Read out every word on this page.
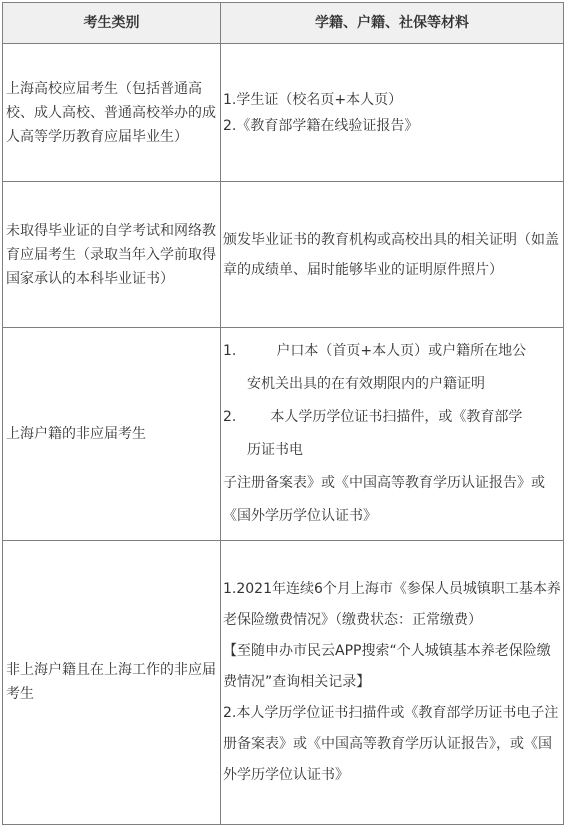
考生类别	学籍、户籍、社保等材料
上海高校应届考生（包括普通高校、成人高校、普通高校举办的成人高等学历教育应届毕业生）	1.学生证（校名页+本人页）
2.《教育部学籍在线验证报告》

未取得毕业证的自学考试和网络教育应届考生（录取当年入学前取得国家承认的本科毕业证书）	颁发毕业证书的教育机构或高校出具的相关证明（如盖章的成绩单、届时能够毕业的证明原件照片）

上海户籍的非应届考生	1. 户口本（首页+本人页）或户籍所在地公
安机关出具的在有效期限内的户籍证明
2. 本人学历学位证书扫描件，或《教育部学
历证书电
子注册备案表》或《中国高等教育学历认证报告》或《国外学历学位认证书》

非上海户籍且在上海工作的非应届考生	1.2021年连续6个月上海市《参保人员城镇职工基本养老保险缴费情况》（缴费状态：正常缴费）
【至随申办市民云APP搜索“个人城镇基本养老保险缴费情况”查询相关记录】
2.本人学历学位证书扫描件或《教育部学历证书电子注册备案表》或《中国高等教育学历认证报告》，或《国外学历学位认证书》
